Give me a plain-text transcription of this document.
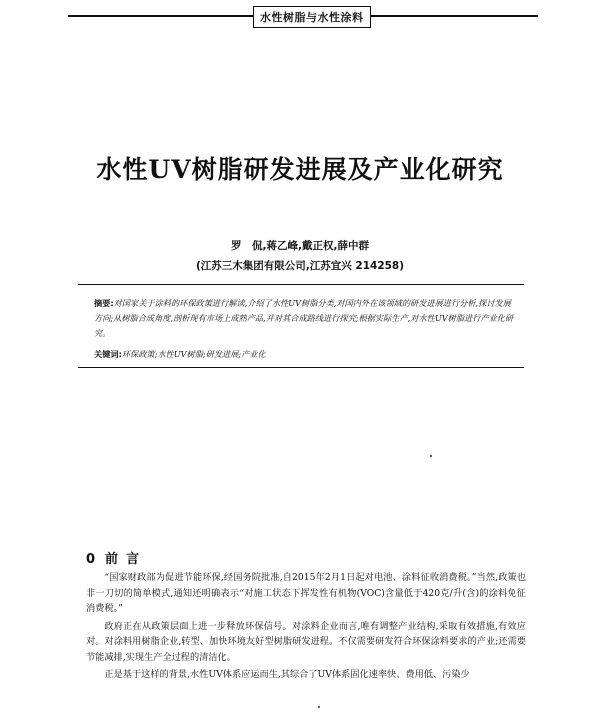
水性树脂与水性涂料
水性UV树脂研发进展及产业化研究
罗　侃,蒋乙峰,戴正权,薛中群
(江苏三木集团有限公司,江苏宜兴 214258)
摘要:对国家关于涂料的环保政策进行解读,介绍了水性UV树脂分类,对国内外在该领域的研发进展进行分析,探讨发展方向;从树脂合成角度,剖析现有市场上成熟产品,并对其合成路线进行探究;根据实际生产,对水性UV树脂进行产业化研究。
关键词:环保政策;水性UV树脂;研发进展;产业化
0 前言

“国家财政部为促进节能环保,经国务院批准,自2015年2月1日起对电池、涂料征收消费税。”当然,政策也非一刀切的简单模式,通知还明确表示“对施工状态下挥发性有机物(VOC)含量低于420克/升(含)的涂料免征消费税。”

政府正在从政策层面上进一步释放环保信号。对涂料企业而言,唯有调整产业结构,采取有效措施,有效应对。对涂料用树脂企业,转型、加快环境友好型树脂研发进程。不仅需要研发符合环保涂料要求的产业;还需要节能减排,实现生产全过程的清洁化。

正是基于这样的背景,水性UV体系应运而生,其综合了UV体系固化速率快、费用低、污染少
